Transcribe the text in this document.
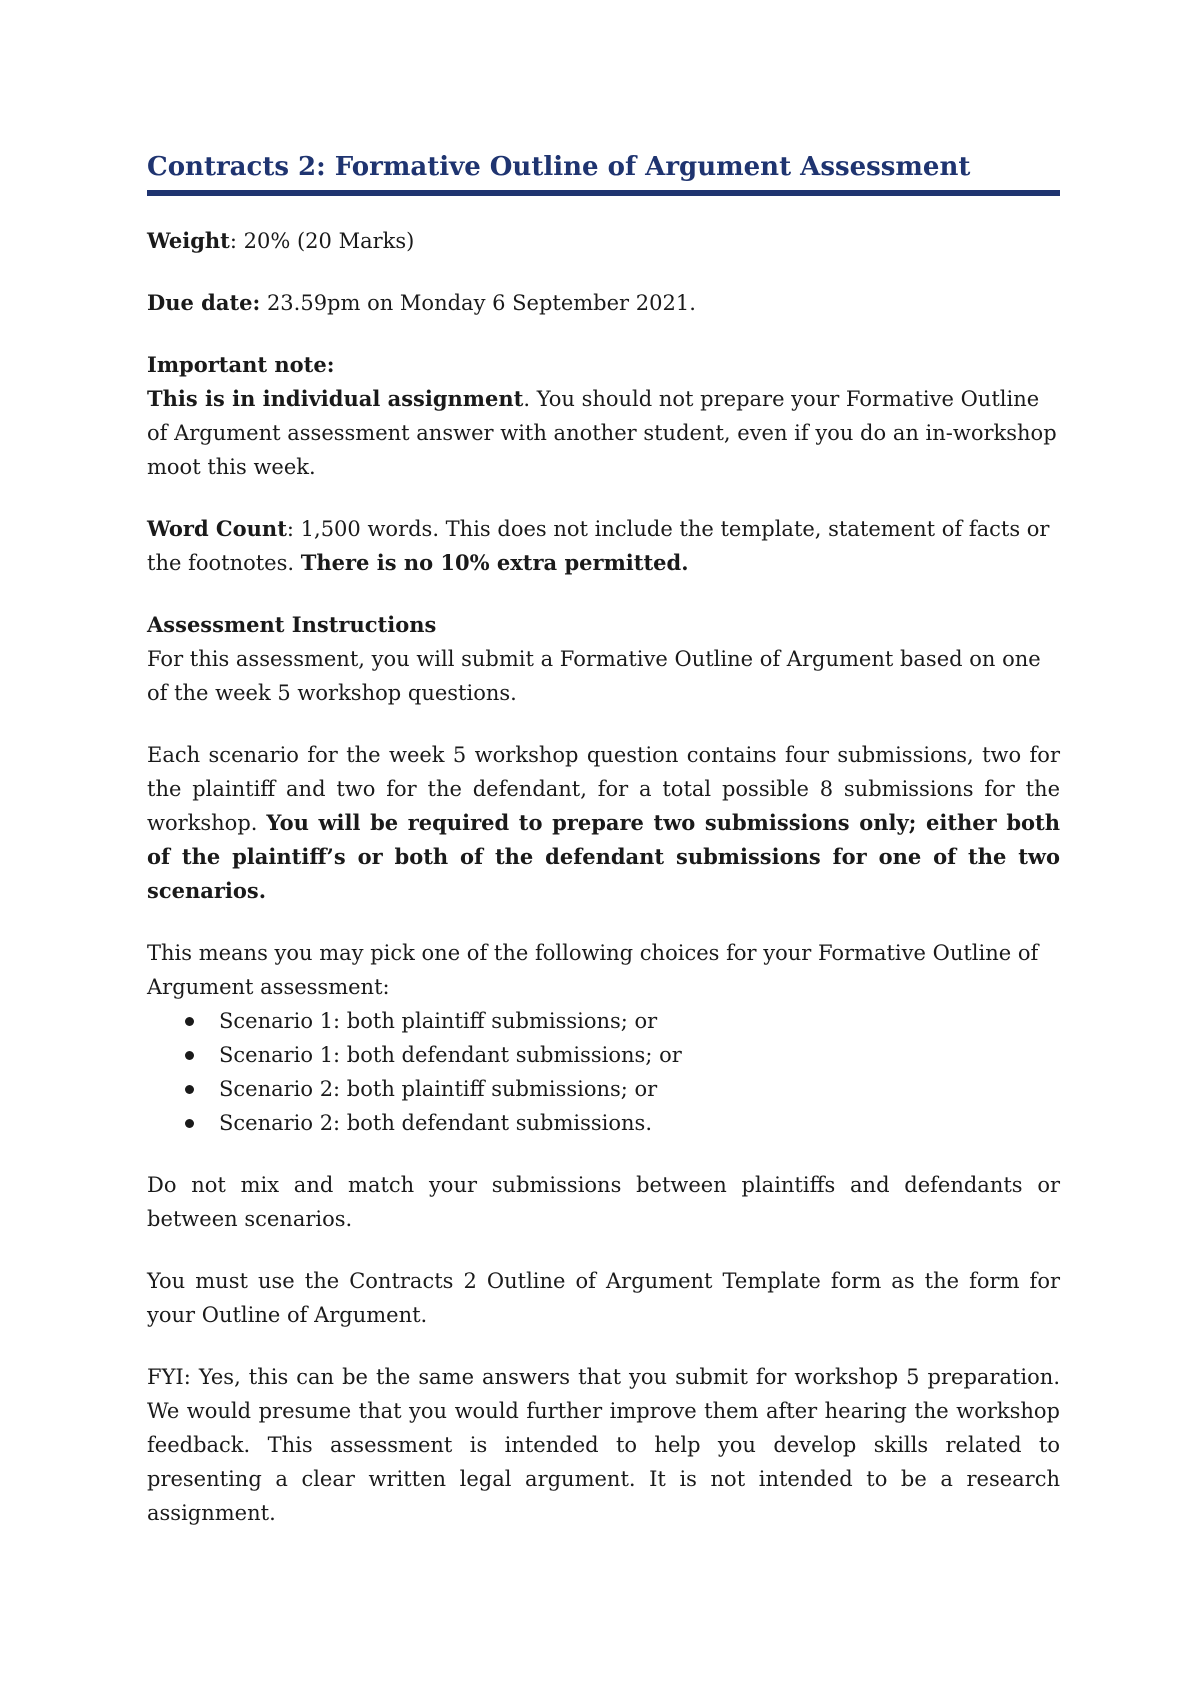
Contracts 2: Formative Outline of Argument Assessment

Weight: 20% (20 Marks)

Due date: 23.59pm on Monday 6 September 2021.

Important note:

This is in individual assignment. You should not prepare your Formative Outline of Argument assessment answer with another student, even if you do an in-workshop moot this week.

Word Count: 1,500 words. This does not include the template, statement of facts or the footnotes. There is no 10% extra permitted.

Assessment Instructions

For this assessment, you will submit a Formative Outline of Argument based on one of the week 5 workshop questions.

Each scenario for the week 5 workshop question contains four submissions, two for the plaintiff and two for the defendant, for a total possible 8 submissions for the workshop. You will be required to prepare two submissions only; either both of the plaintiff’s or both of the defendant submissions for one of the two scenarios.

This means you may pick one of the following choices for your Formative Outline of Argument assessment:

Scenario 1: both plaintiff submissions; or
Scenario 1: both defendant submissions; or
Scenario 2: both plaintiff submissions; or
Scenario 2: both defendant submissions.

Do not mix and match your submissions between plaintiffs and defendants or between scenarios.

You must use the Contracts 2 Outline of Argument Template form as the form for your Outline of Argument.

FYI: Yes, this can be the same answers that you submit for workshop 5 preparation. We would presume that you would further improve them after hearing the workshop feedback. This assessment is intended to help you develop skills related to presenting a clear written legal argument. It is not intended to be a research assignment.
